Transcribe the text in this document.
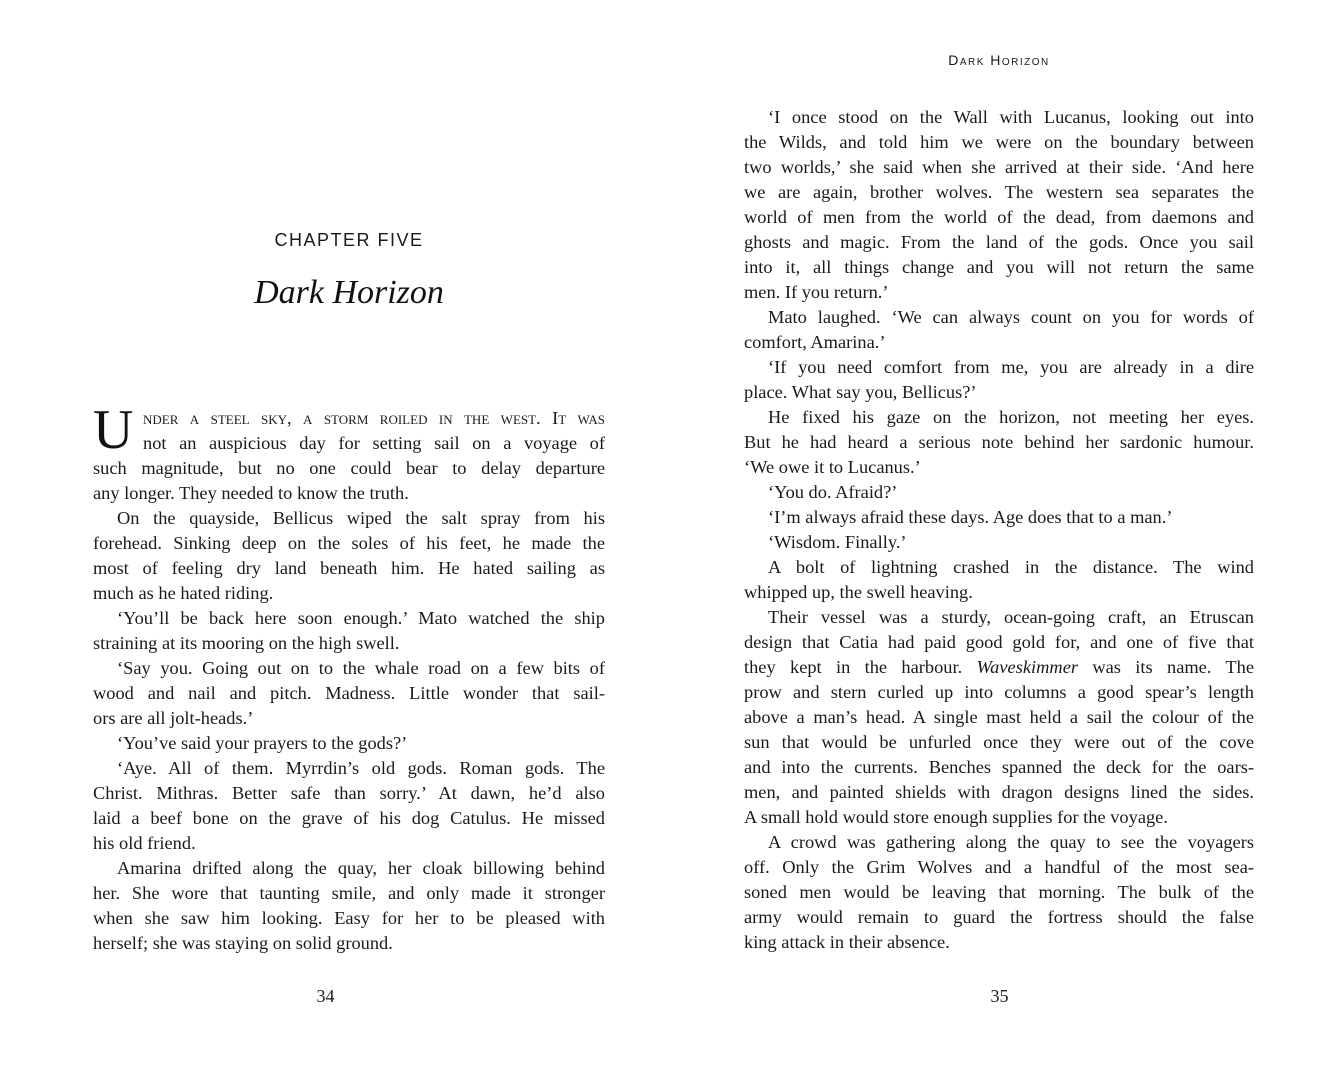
CHAPTER FIVE
Dark Horizon
U nder a steel sky, a storm roiled in the west. It was
not an auspicious day for setting sail on a voyage of
such magnitude, but no one could bear to delay departure
any longer. They needed to know the truth.
On the quayside, Bellicus wiped the salt spray from his
forehead. Sinking deep on the soles of his feet, he made the
most of feeling dry land beneath him. He hated sailing as
much as he hated riding.
‘You’ll be back here soon enough.’ Mato watched the ship
straining at its mooring on the high swell.
‘Say you. Going out on to the whale road on a few bits of
wood and nail and pitch. Madness. Little wonder that sail-
ors are all jolt-heads.’
‘You’ve said your prayers to the gods?’
‘Aye. All of them. Myrrdin’s old gods. Roman gods. The
Christ. Mithras. Better safe than sorry.’ At dawn, he’d also
laid a beef bone on the grave of his dog Catulus. He missed
his old friend.
Amarina drifted along the quay, her cloak billowing behind
her. She wore that taunting smile, and only made it stronger
when she saw him looking. Easy for her to be pleased with
herself; she was staying on solid ground.
34
Dark Horizon
‘I once stood on the Wall with Lucanus, looking out into
the Wilds, and told him we were on the boundary between
two worlds,’ she said when she arrived at their side. ‘And here
we are again, brother wolves. The western sea separates the
world of men from the world of the dead, from daemons and
ghosts and magic. From the land of the gods. Once you sail
into it, all things change and you will not return the same
men. If you return.’
Mato laughed. ‘We can always count on you for words of
comfort, Amarina.’
‘If you need comfort from me, you are already in a dire
place. What say you, Bellicus?’
He fixed his gaze on the horizon, not meeting her eyes.
But he had heard a serious note behind her sardonic humour.
‘We owe it to Lucanus.’
‘You do. Afraid?’
‘I’m always afraid these days. Age does that to a man.’
‘Wisdom. Finally.’
A bolt of lightning crashed in the distance. The wind
whipped up, the swell heaving.
Their vessel was a sturdy, ocean-going craft, an Etruscan
design that Catia had paid good gold for, and one of five that
they kept in the harbour. Waveskimmer was its name. The
prow and stern curled up into columns a good spear’s length
above a man’s head. A single mast held a sail the colour of the
sun that would be unfurled once they were out of the cove
and into the currents. Benches spanned the deck for the oars-
men, and painted shields with dragon designs lined the sides.
A small hold would store enough supplies for the voyage.
A crowd was gathering along the quay to see the voyagers
off. Only the Grim Wolves and a handful of the most sea-
soned men would be leaving that morning. The bulk of the
army would remain to guard the fortress should the false
king attack in their absence.
35
